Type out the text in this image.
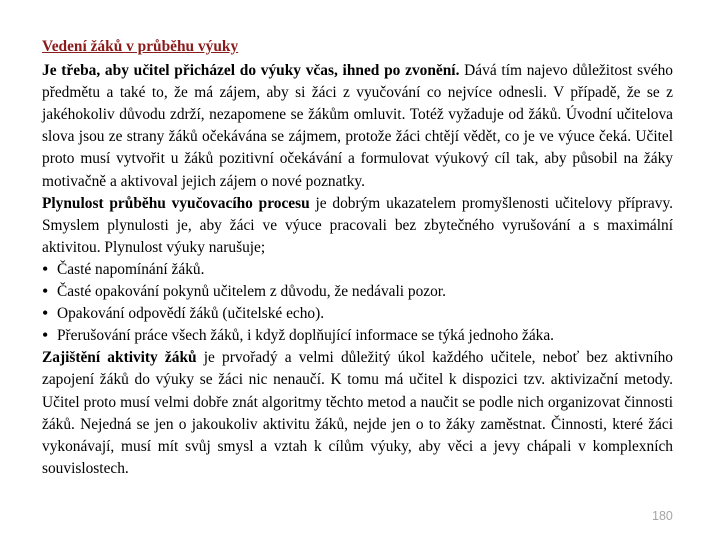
Vedení žáků v průběhu výuky

Je třeba, aby učitel přicházel do výuky včas, ihned po zvonění. Dává tím najevo důležitost svého předmětu a také to, že má zájem, aby si žáci z vyučování co nejvíce odnesli. V případě, že se z jakéhokoliv důvodu zdrží, nezapomene se žákům omluvit. Totéž vyžaduje od žáků. Úvodní učitelova slova jsou ze strany žáků očekávána se zájmem, protože žáci chtějí vědět, co je ve výuce čeká. Učitel proto musí vytvořit u žáků pozitivní očekávání a formulovat výukový cíl tak, aby působil na žáky motivačně a aktivoval jejich zájem o nové poznatky.

Plynulost průběhu vyučovacího procesu je dobrým ukazatelem promyšlenosti učitelovy přípravy. Smyslem plynulosti je, aby žáci ve výuce pracovali bez zbytečného vyrušování a s maximální aktivitou. Plynulost výuky narušuje;

• Časté napomínání žáků.
• Časté opakování pokynů učitelem z důvodu, že nedávali pozor.
• Opakování odpovědí žáků (učitelské echo).
• Přerušování práce všech žáků, i když doplňující informace se týká jednoho žáka.

Zajištění aktivity žáků je prvořadý a velmi důležitý úkol každého učitele, neboť bez aktivního zapojení žáků do výuky se žáci nic nenaučí. K tomu má učitel k dispozici tzv. aktivizační metody. Učitel proto musí velmi dobře znát algoritmy těchto metod a naučit se podle nich organizovat činnosti žáků. Nejedná se jen o jakoukoliv aktivitu žáků, nejde jen o to žáky zaměstnat. Činnosti, které žáci vykonávají, musí mít svůj smysl a vztah k cílům výuky, aby věci a jevy chápali v komplexních souvislostech.

180
